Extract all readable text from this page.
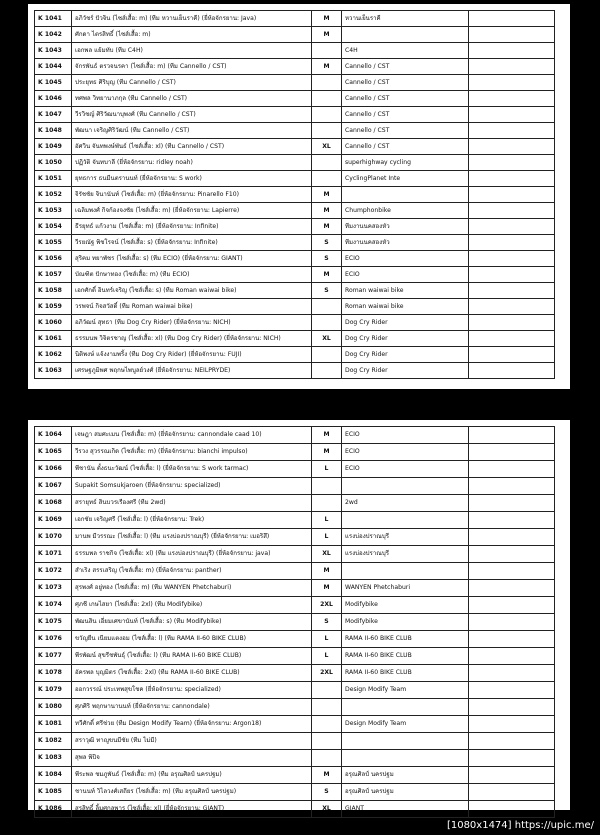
K 1041	อภิวัชร์ ปัวจิน (ไซส์เสื้อ: m) (ทีม หวานเย็นราคี) (ยี่ห้อจักรยาน: Java)	M	หวานเย็นราคี	
K 1042	ศักดา ไตรสิทธิ์ (ไซส์เสื้อ: m)	M		
K 1043	เอกพล แย้มทับ (ทีม C4H)		C4H	
K 1044	จักรพันธ์ ตรวจนรคา (ไซส์เสื้อ: m) (ทีม Cannello / CST)	M	Cannello / CST	
K 1045	ประยุทธ ศิริบุญ (ทีม Cannello / CST)		Cannello / CST	
K 1046	ทศพล วิทยานาภกุล (ทีม Cannello / CST)		Cannello / CST	
K 1047	วีรวิชญ์ ศิริวัฒนาบุพงศ์ (ทีม Cannello / CST)		Cannello / CST	
K 1048	พัฒนา เจริญศิริวัฒน์ (ทีม Cannello / CST)		Cannello / CST	
K 1049	อัศวิน จันทพงษ์พันธ์ (ไซส์เสื้อ: xl) (ทีม Cannello / CST)	XL	Cannello / CST	
K 1050	ปฏิวัติ จันทบาลี (ยี่ห้อจักรยาน: ridley noah)		superhighway cycling	
K 1051	ยุทธการ ธนมีนตรานนท์ (ยี่ห้อจักรยาน: S work)		CyclingPlanet Inte	
K 1052	จิรัชชัย จินานันท์ (ไซส์เสื้อ: m) (ยี่ห้อจักรยาน: Pinarello F10)	M		
K 1053	เฉลิมพงศ์ กิจก้องจงชัย (ไซส์เสื้อ: m) (ยี่ห้อจักรยาน: Lapierre)	M	Chumphonbike	
K 1054	ธีรยุทธ์ แก้วงาม (ไซส์เสื้อ: m) (ยี่ห้อจักรยาน: Infinite)	M	ทีมงานนคสองหัว	
K 1055	วีรยณัฐ พิชโรจน์ (ไซส์เสื้อ: s) (ยี่ห้อจักรยาน: Infinite)	S	ทีมงานนคสองหัว	
K 1056	สุริคม ทยาพัชร (ไซส์เสื้อ: s) (ทีม ECIO) (ยี่ห้อจักรยาน: GIANT)	S	ECIO	
K 1057	บัณฑิต ปักษาทอง (ไซส์เสื้อ: m) (ทีม ECIO)	M	ECIO	
K 1058	เอกศักดิ์ อินทร์เจริญ (ไซส์เสื้อ: s) (ทีม Roman waiwai bike)	S	Roman waiwai bike	
K 1059	วรพจน์ กิจสวัสดิ์ (ทีม Roman waiwai bike)		Roman waiwai bike	
K 1060	อภิวัฒน์ สุทธา (ทีม Dog Cry Rider) (ยี่ห้อจักรยาน: NICH)		Dog Cry Rider	
K 1061	ธรรมนพ วิจิตรชาญ (ไซส์เสื้อ: xl) (ทีม Dog Cry Rider) (ยี่ห้อจักรยาน: NICH)	XL	Dog Cry Rider	
K 1062	นิติพงษ์ แจ้งงามพริ้ง (ทีม Dog Cry Rider) (ยี่ห้อจักรยาน: FUJI)		Dog Cry Rider	
K 1063	เศรษฐภูมิพศ พฤกษไพบูลย์วงศ์ (ยี่ห้อจักรยาน: NEILPRYDE)		Dog Cry Rider	
K 1064	เจษฎา สมศะเมน (ไซส์เสื้อ: m) (ยี่ห้อจักรยาน: cannondale caad 10)	M	ECIO	
K 1065	วีรวง สุวรรณเกิด (ไซส์เสื้อ: m) (ยี่ห้อจักรยาน: bianchi impulso)	M	ECIO	
K 1066	พีชานัน ตั้งธนะวัฒน์ (ไซส์เสื้อ: l) (ยี่ห้อจักรยาน: S work tarmac)	L	ECIO	
K 1067	Supakit Somsukjaroen (ยี่ห้อจักรยาน: specialized)			
K 1068	สรายุทธ์ สินบวรเรืองศรี (ทีม 2wd)		2wd	
K 1069	เอกชัย เจริญศรี (ไซส์เสื้อ: l) (ยี่ห้อจักรยาน: Trek)	L		
K 1070	มานพ มีวรรณะ (ไซส์เสื้อ: l) (ทีม แรงบ่องปราณบุรี) (ยี่ห้อจักรยาน: เมอริสึ)	L	แรงบ่องปราณบุรี	
K 1071	ธรรมพล ราชกิจ (ไซส์เสื้อ: xl) (ทีม แรงบ่องปราณบุรี) (ยี่ห้อจักรยาน: java)	XL	แรงบ่องปราณบุรี	
K 1072	สำเริง สรรเสริญ (ไซส์เสื้อ: m) (ยี่ห้อจักรยาน: panther)	M		
K 1073	สุรพงศ์ อยู่ทอง (ไซส์เสื้อ: m) (ทีม WANYEN Phetchaburi)	M	WANYEN Phetchaburi	
K 1074	ศุภชี เกษไสยา (ไซส์เสื้อ: 2xl) (ทีม Modifybike)	2XL	Modifybike	
K 1075	พัฒนสิน เอี่ยมเศขานันท์ (ไซส์เสื้อ: s) (ทีม Modifybike)	S	Modifybike	
K 1076	ขวัญยืน เนียมแตงอม (ไซส์เสื้อ: l) (ทีม RAMA II-60 BIKE CLUB)	L	RAMA II-60 BIKE CLUB	
K 1077	พีรพัฒน์ สุขรีชพันธุ์ (ไซส์เสื้อ: l) (ทีม RAMA II-60 BIKE CLUB)	L	RAMA II-60 BIKE CLUB	
K 1078	อัครพล บุญมิตร (ไซส์เสื้อ: 2xl) (ทีม RAMA II-60 BIKE CLUB)	2XL	RAMA II-60 BIKE CLUB	
K 1079	ออกวรรณ์ ประเทพสุขโชค (ยี่ห้อจักรยาน: specialized)		Design Modify Team	
K 1080	ศุภศิริ พฤกษานานนท์ (ยี่ห้อจักรยาน: cannondale)			
K 1081	ทวีศักดิ์ ศรีช่วย (ทีม Design Modify Team) (ยี่ห้อจักรยาน: Argon18)		Design Modify Team	
K 1082	สราวุฒิ ทาญูขนมีชัย (ทีม ไม่มี)			
K 1083	สุพล พิปิจ			
K 1084	พีระพล ชมภูพันธ์ (ไซส์เสื้อ: m) (ทีม อรุณศิลป์ นครปฐม)	M	อรุณศิลป์ นครปฐม	
K 1085	ชานนท์ วิไลวงศ์เสถียร (ไซส์เสื้อ: m) (ทีม อรุณศิลป์ นครปฐม)	S	อรุณศิลป์ นครปฐม	
K 1086	สุรสิทธิ์ ลิ้มศกุลพาร (ไซส์เสื้อ: xl) (ยี่ห้อจักรยาน: GIANT)	XL	GIANT	
[1080x1474] https://upic.me/
